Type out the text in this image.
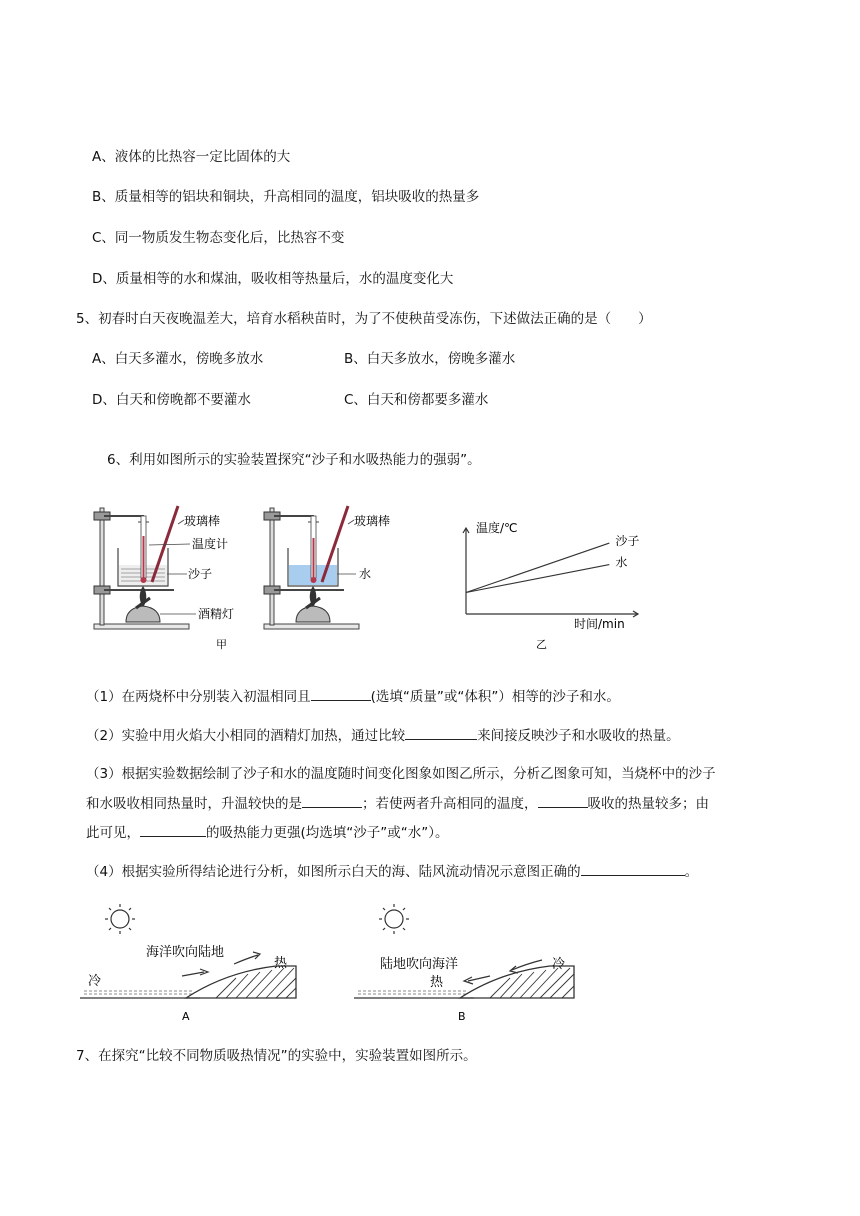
A、液体的比热容一定比固体的大
B、质量相等的铝块和铜块，升高相同的温度，铝块吸收的热量多
C、同一物质发生物态变化后，比热容不变
D、质量相等的水和煤油，吸收相等热量后，水的温度变化大
5、初春时白天夜晚温差大，培育水稻秧苗时，为了不使秧苗受冻伤，下述做法正确的是（　　）
A、白天多灌水，傍晚多放水	B、白天多放水，傍晚多灌水
D、白天和傍晚都不要灌水	C、白天和傍都要多灌水
6、利用如图所示的实验装置探究“沙子和水吸热能力的强弱”。
玻璃棒
温度计
沙子
酒精灯
玻璃棒
水
甲
沙子
水
温度/℃
时间/min
乙
（1）在两烧杯中分别装入初温相同且	(选填“质量”或“体积”）相等的沙子和水。
（2）实验中用火焰大小相同的酒精灯加热，通过比较	来间接反映沙子和水吸收的热量。
（3）根据实验数据绘制了沙子和水的温度随时间变化图象如图乙所示，分析乙图象可知，当烧杯中的沙子
和水吸收相同热量时，升温较快的是	；若使两者升高相同的温度，	吸收的热量较多；由
此可见，	的吸热能力更强(均选填“沙子”或“水”）。
（4）根据实验所得结论进行分析，如图所示白天的海、陆风流动情况示意图正确的	。
海洋吹向陆地
冷
热
A
陆地吹向海洋
热
冷
B
7、在探究“比较不同物质吸热情况”的实验中，实验装置如图所示。
